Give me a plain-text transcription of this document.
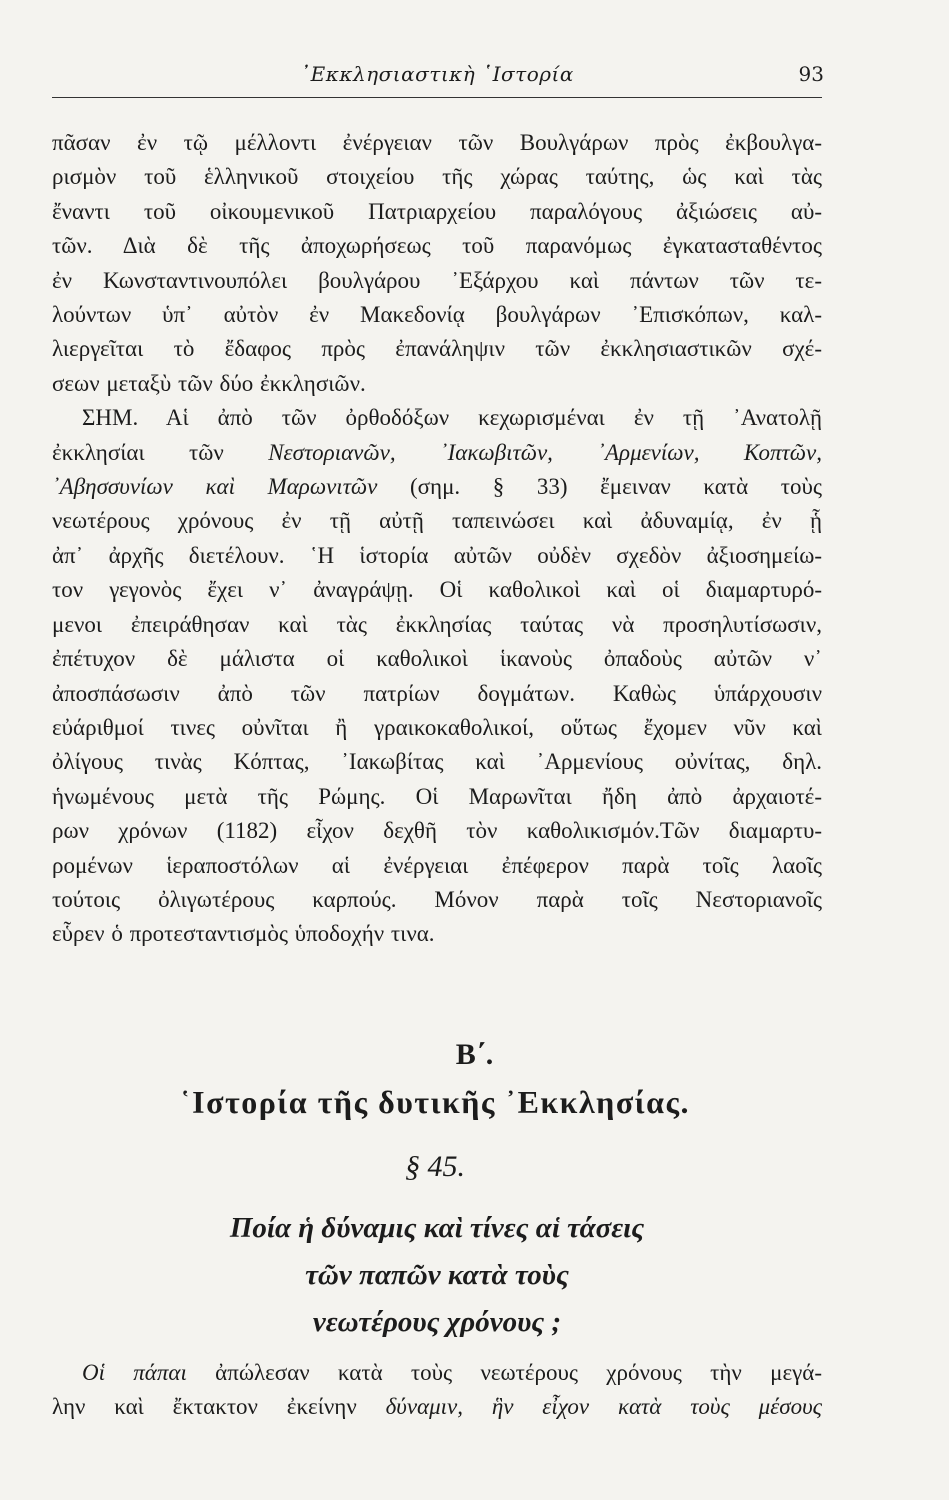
᾿Εκκλησιαστικὴ ῾Ιστορία	93

πᾶσαν ἐν τῷ μέλλοντι ἐνέργειαν τῶν Βουλγάρων πρὸς ἐκβουλγα-
ρισμὸν τοῦ ἑλληνικοῦ στοιχείου τῆς χώρας ταύτης, ὡς καὶ τὰς
ἔναντι τοῦ οἰκουμενικοῦ Πατριαρχείου παραλόγους ἀξιώσεις αὐ-
τῶν. Διὰ δὲ τῆς ἀποχωρήσεως τοῦ παρανόμως ἐγκατασταθέντος
ἐν Κωνσταντινουπόλει βουλγάρου ᾿Εξάρχου καὶ πάντων τῶν τε-
λούντων ὑπ᾿ αὐτὸν ἐν Μακεδονίᾳ βουλγάρων ᾿Επισκόπων, καλ-
λιεργεῖται τὸ ἔδαφος πρὸς ἐπανάληψιν τῶν ἐκκλησιαστικῶν σχέ-
σεων μεταξὺ τῶν δύο ἐκκλησιῶν.

ΣΗΜ. Αἱ ἀπὸ τῶν ὀρθοδόξων κεχωρισμέναι ἐν τῇ ᾿Ανατολῇ

ἐκκλησίαι τῶν Νεστοριανῶν, ᾿Ιακωβιτῶν, ᾿Αρμενίων, Κοπτῶν,
᾿Αβησσυνίων καὶ Μαρωνιτῶν (σημ. § 33) ἔμειναν κατὰ τοὺς
νεωτέρους χρόνους ἐν τῇ αὐτῇ ταπεινώσει καὶ ἀδυναμίᾳ, ἐν ᾗ
ἀπ᾿ ἀρχῆς διετέλουν. ῾Η ἱστορία αὐτῶν οὐδὲν σχεδὸν ἀξιοσημείω-
τον γεγονὸς ἔχει ν᾿ ἀναγράψῃ. Οἱ καθολικοὶ καὶ οἱ διαμαρτυρό-
μενοι ἐπειράθησαν καὶ τὰς ἐκκλησίας ταύτας νὰ προσηλυτίσωσιν,
ἐπέτυχον δὲ μάλιστα οἱ καθολικοὶ ἱκανοὺς ὀπαδοὺς αὐτῶν ν᾿
ἀποσπάσωσιν ἀπὸ τῶν πατρίων δογμάτων. Καθὼς ὑπάρχουσιν
εὐάριθμοί τινες οὐνῖται ἢ γραικοκαθολικοί, οὕτως ἔχομεν νῦν καὶ
ὀλίγους τινὰς Κόπτας, ᾿Ιακωβίτας καὶ ᾿Αρμενίους οὐνίτας, δηλ.
ἡνωμένους μετὰ τῆς Ρώμης. Οἱ Μαρωνῖται ἤδη ἀπὸ ἀρχαιοτέ-
ρων χρόνων (1182) εἶχον δεχθῆ τὸν καθολικισμόν.Τῶν διαμαρτυ-
ρομένων ἱεραποστόλων αἱ ἐνέργειαι ἐπέφερον παρὰ τοῖς λαοῖς
τούτοις ὀλιγωτέρους καρπούς. Μόνον παρὰ τοῖς Νεστοριανοῖς
εὗρεν ὁ προτεσταντισμὸς ὑποδοχήν τινα.

Β΄.
῾Ιστορία τῆς δυτικῆς ᾿Εκκλησίας.
§ 45.
Ποία ἡ δύναμις καὶ τίνες αἱ τάσεις
τῶν παπῶν κατὰ τοὺς
νεωτέρους χρόνους ;
Οἱ πάπαι ἀπώλεσαν κατὰ τοὺς νεωτέρους χρόνους τὴν μεγά-
λην καὶ ἔκτακτον ἐκείνην δύναμιν, ἣν εἶχον κατὰ τοὺς μέσους
